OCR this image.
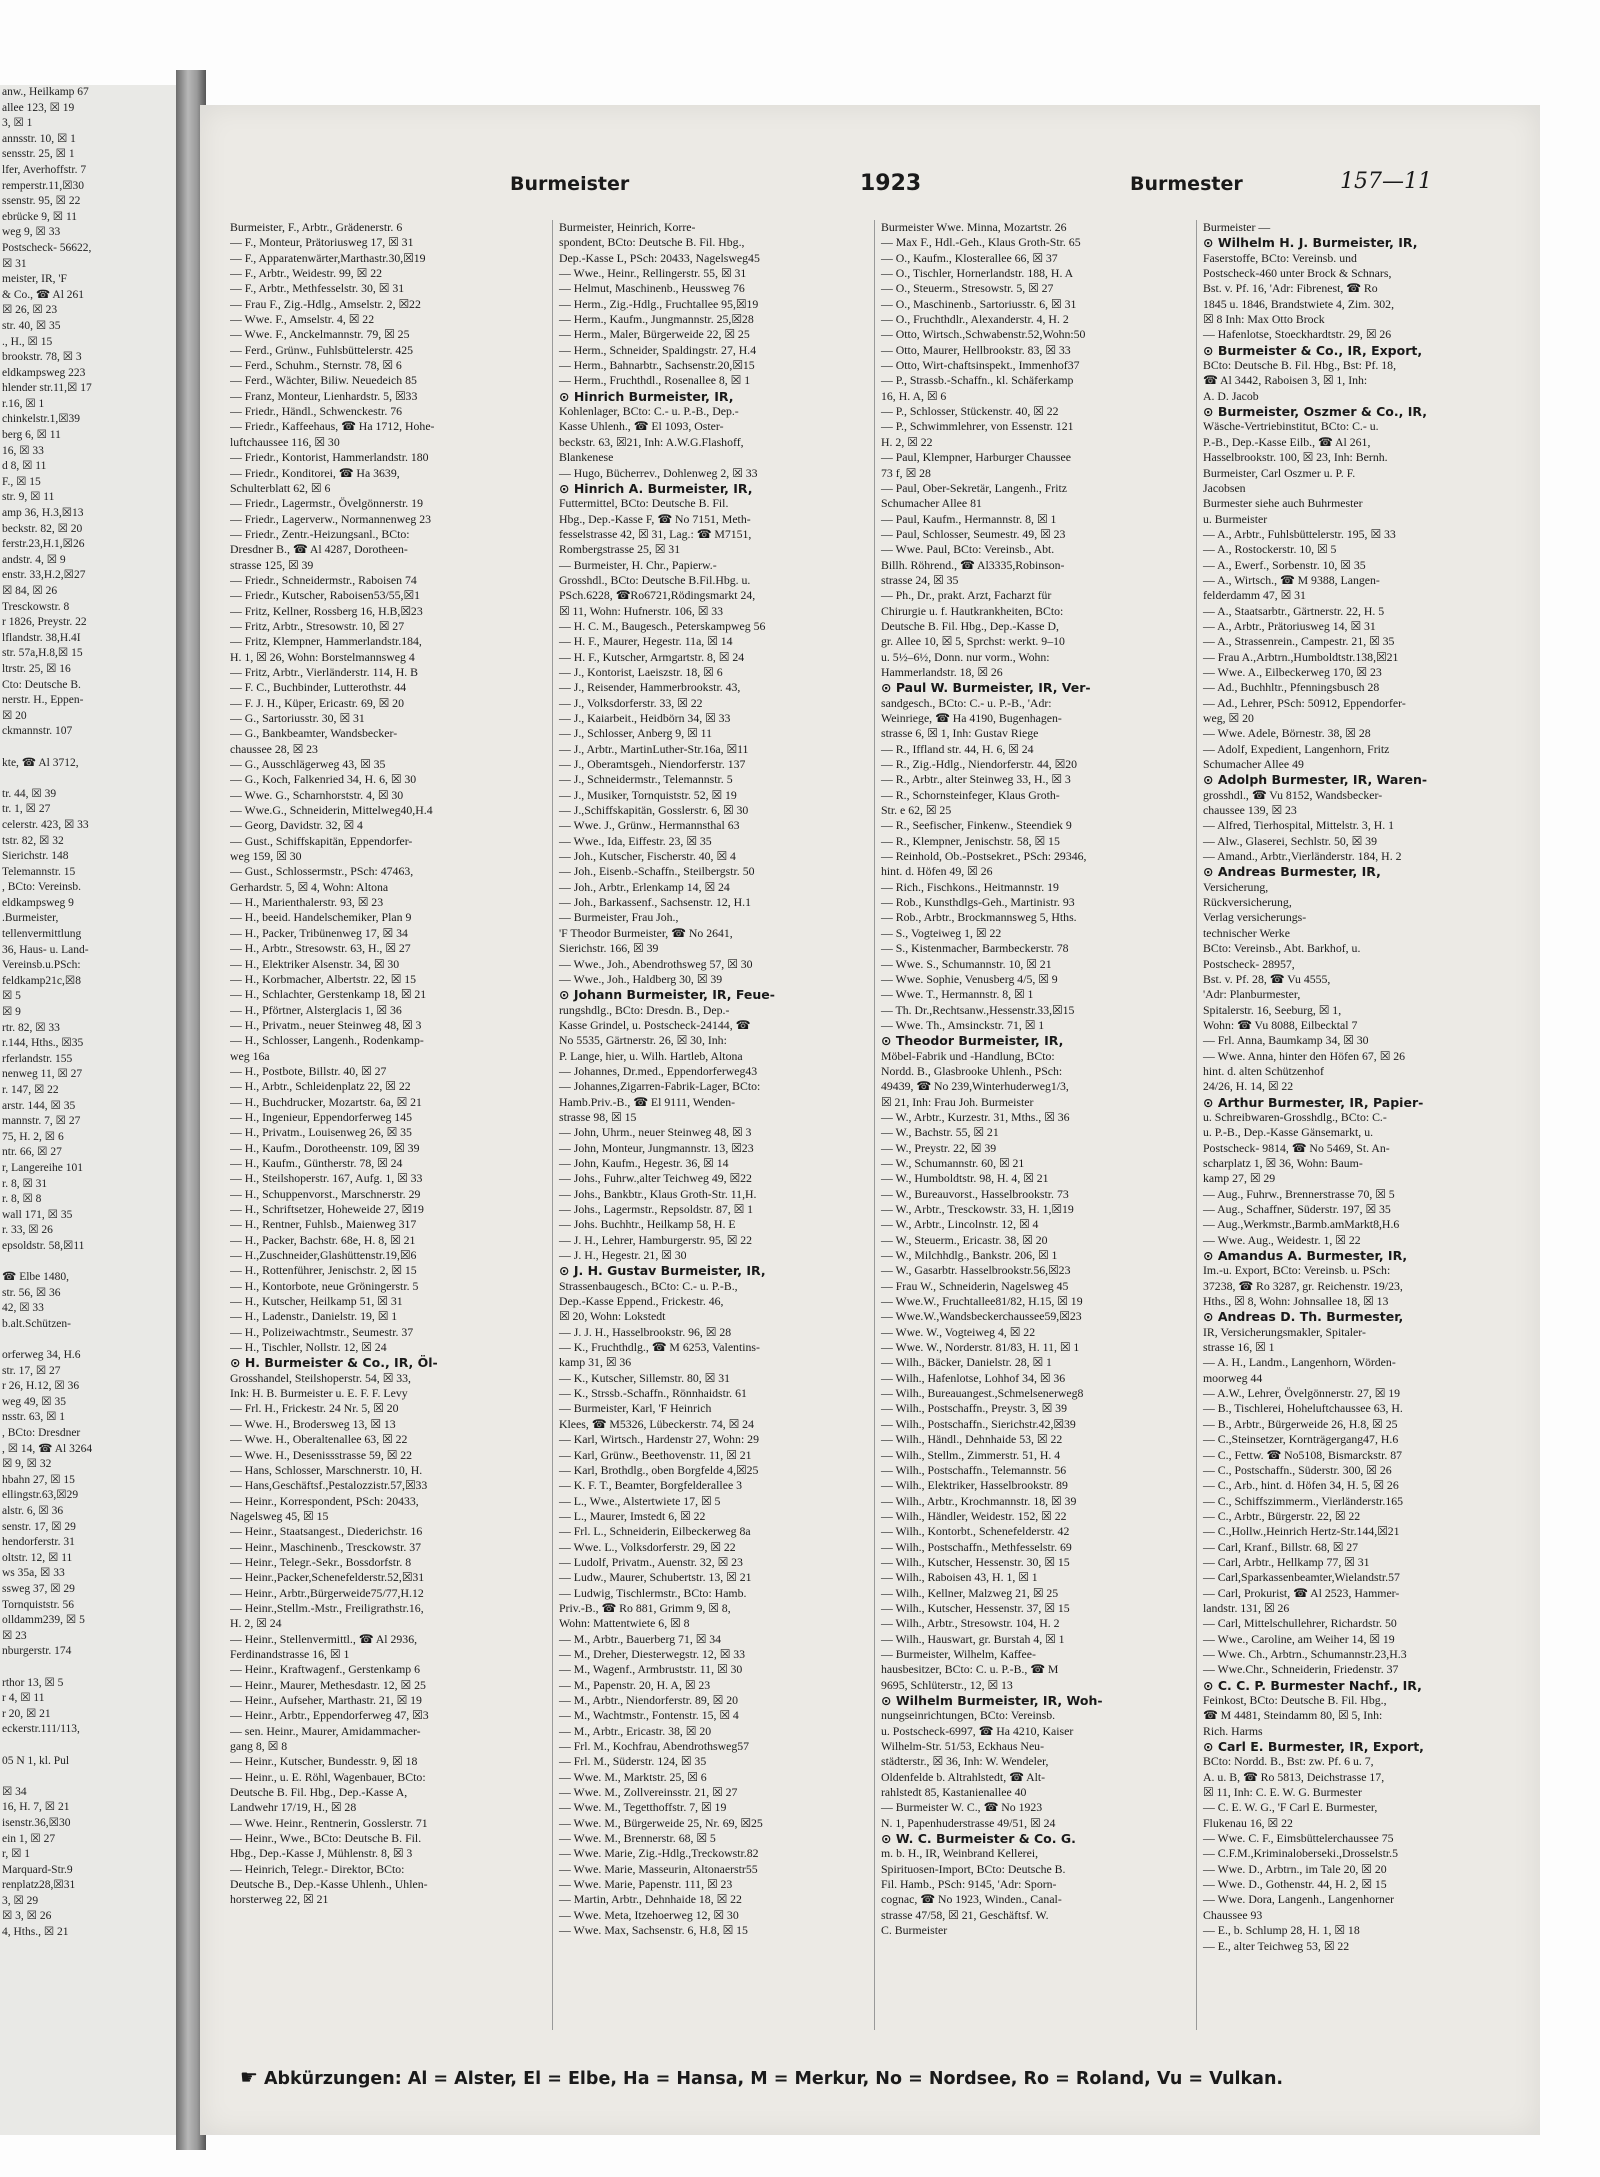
anw., Heilkamp 67
allee 123, ☒ 19
3, ☒ 1
annsstr. 10, ☒ 1
sensstr. 25, ☒ 1
lfer, Averhoffstr. 7
remperstr.11,☒30
ssenstr. 95, ☒ 22
ebrücke 9, ☒ 11
weg 9, ☒ 33
Postscheck- 56622,
☒ 31
meister, IR, 'F
& Co., ☎ Al 261
☒ 26, ☒ 23
str. 40, ☒ 35
., H., ☒ 15
brookstr. 78, ☒ 3
eldkampsweg 223
hlender str.11,☒ 17
r.16, ☒ 1
chinkelstr.1,☒39
berg 6, ☒ 11
16, ☒ 33
d 8, ☒ 11
F., ☒ 15
str. 9, ☒ 11
amp 36, H.3,☒13
beckstr. 82, ☒ 20
ferstr.23,H.1,☒26
andstr. 4, ☒ 9
enstr. 33,H.2,☒27
☒ 84, ☒ 26
Tresckowstr. 8
r 1826, Preystr. 22
lflandstr. 38,H.4I
str. 57a,H.8,☒ 15
ltrstr. 25, ☒ 16
Cto: Deutsche B.
nerstr. H., Eppen-
☒ 20
ckmannstr. 107

kte, ☎ Al 3712,

tr. 44, ☒ 39
tr. 1, ☒ 27
celerstr. 423, ☒ 33
tstr. 82, ☒ 32
Sierichstr. 148
Telemannstr. 15
, BCto: Vereinsb.
eldkampsweg 9
.Burmeister,
tellenvermittlung
36, Haus- u. Land-
Vereinsb.u.PSch:
feldkamp21c,☒8
☒ 5
☒ 9
rtr. 82, ☒ 33
r.144, Hths., ☒35
rferlandstr. 155
nenweg 11, ☒ 27
r. 147, ☒ 22
arstr. 144, ☒ 35
mannstr. 7, ☒ 27
75, H. 2, ☒ 6
ntr. 66, ☒ 27
r, Langereihe 101
r. 8, ☒ 31
r. 8, ☒ 8
wall 171, ☒ 35
r. 33, ☒ 26
epsoldstr. 58,☒11

☎ Elbe 1480,
str. 56, ☒ 36
42, ☒ 33
b.alt.Schützen-

orferweg 34, H.6
str. 17, ☒ 27
r 26, H.12, ☒ 36
weg 49, ☒ 35
nsstr. 63, ☒ 1
, BCto: Dresdner
, ☒ 14, ☎ Al 3264
☒ 9, ☒ 32
hbahn 27, ☒ 15
ellingstr.63,☒29
alstr. 6, ☒ 36
senstr. 17, ☒ 29
hendorferstr. 31
oltstr. 12, ☒ 11
ws 35a, ☒ 33
ssweg 37, ☒ 29
Tornquiststr. 56
olldamm239, ☒ 5
☒ 23
nburgerstr. 174

rthor 13, ☒ 5
r 4, ☒ 11
r 20, ☒ 21
eckerstr.111/113,

05 N 1, kl. Pul

☒ 34
16, H. 7, ☒ 21
isenstr.36,☒30
ein 1, ☒ 27
r, ☒ 1
Marquard-Str.9
renplatz28,☒31
3, ☒ 29
☒ 3, ☒ 26
4, Hths., ☒ 21
Burmeister	1923	Burmester	157—11
Burmeister, F., Arbtr., Grädenerstr. 6
— F., Monteur, Prätoriusweg 17, ☒ 31
— F., Apparatenwärter,Marthastr.30,☒19
— F., Arbtr., Weidestr. 99, ☒ 22
— F., Arbtr., Methfesselstr. 30, ☒ 31
— Frau F., Zig.-Hdlg., Amselstr. 2, ☒22
— Wwe. F., Amselstr. 4, ☒ 22
— Wwe. F., Anckelmannstr. 79, ☒ 25
— Ferd., Grünw., Fuhlsbüttelerstr. 425
— Ferd., Schuhm., Sternstr. 78, ☒ 6
— Ferd., Wächter, Biliw. Neuedeich 85
— Franz, Monteur, Lienhardstr. 5, ☒33
— Friedr., Händl., Schwenckestr. 76
— Friedr., Kaffeehaus, ☎ Ha 1712, Hohe-
luftchaussee 116, ☒ 30
— Friedr., Kontorist, Hammerlandstr. 180
— Friedr., Konditorei, ☎ Ha 3639,
Schulterblatt 62, ☒ 6
— Friedr., Lagermstr., Övelgönnerstr. 19
— Friedr., Lagerverw., Normannenweg 23
— Friedr., Zentr.-Heizungsanl., BCto:
Dresdner B., ☎ Al 4287, Dorotheen-
strasse 125, ☒ 39
— Friedr., Schneidermstr., Raboisen 74
— Friedr., Kutscher, Raboisen53/55,☒1
— Fritz, Kellner, Rossberg 16, H.B,☒23
— Fritz, Arbtr., Stresowstr. 10, ☒ 27
— Fritz, Klempner, Hammerlandstr.184,
H. 1, ☒ 26, Wohn: Borstelmannsweg 4
— Fritz, Arbtr., Vierländerstr. 114, H. B
— F. C., Buchbinder, Lutterothstr. 44
— F. J. H., Küper, Ericastr. 69, ☒ 20
— G., Sartoriusstr. 30, ☒ 31
— G., Bankbeamter, Wandsbecker-
chaussee 28, ☒ 23
— G., Ausschlägerweg 43, ☒ 35
— G., Koch, Falkenried 34, H. 6, ☒ 30
— Wwe. G., Scharnhorststr. 4, ☒ 30
— Wwe.G., Schneiderin, Mittelweg40,H.4
— Georg, Davidstr. 32, ☒ 4
— Gust., Schiffskapitän, Eppendorfer-
weg 159, ☒ 30
— Gust., Schlossermstr., PSch: 47463,
Gerhardstr. 5, ☒ 4, Wohn: Altona
— H., Marienthalerstr. 93, ☒ 23
— H., beeid. Handelschemiker, Plan 9
— H., Packer, Tribünenweg 17, ☒ 34
— H., Arbtr., Stresowstr. 63, H., ☒ 27
— H., Elektriker Alsenstr. 34, ☒ 30
— H., Korbmacher, Albertstr. 22, ☒ 15
— H., Schlachter, Gerstenkamp 18, ☒ 21
— H., Pförtner, Alsterglacis 1, ☒ 36
— H., Privatm., neuer Steinweg 48, ☒ 3
— H., Schlosser, Langenh., Rodenkamp-
weg 16a
— H., Postbote, Billstr. 40, ☒ 27
— H., Arbtr., Schleidenplatz 22, ☒ 22
— H., Buchdrucker, Mozartstr. 6a, ☒ 21
— H., Ingenieur, Eppendorferweg 145
— H., Privatm., Louisenweg 26, ☒ 35
— H., Kaufm., Dorotheenstr. 109, ☒ 39
— H., Kaufm., Güntherstr. 78, ☒ 24
— H., Steilshoperstr. 167, Aufg. 1, ☒ 33
— H., Schuppenvorst., Marschnerstr. 29
— H., Schriftsetzer, Hoheweide 27, ☒19
— H., Rentner, Fuhlsb., Maienweg 317
— H., Packer, Bachstr. 68e, H. 8, ☒ 21
— H.,Zuschneider,Glashüttenstr.19,☒6
— H., Rottenführer, Jenischstr. 2, ☒ 15
— H., Kontorbote, neue Gröningerstr. 5
— H., Kutscher, Heilkamp 51, ☒ 31
— H., Ladenstr., Danielstr. 19, ☒ 1
— H., Polizeiwachtmstr., Seumestr. 37
— H., Tischler, Nollstr. 12, ☒ 24
⊙ H. Burmeister & Co., IR, Öl-
Grosshandel, Steilshoperstr. 54, ☒ 33,
Ink: H. B. Burmeister u. E. F. F. Levy
— Frl. H., Frickestr. 24 Nr. 5, ☒ 20
— Wwe. H., Brodersweg 13, ☒ 13
— Wwe. H., Oberaltenallee 63, ☒ 22
— Wwe. H., Desenissstrasse 59, ☒ 22
— Hans, Schlosser, Marschnerstr. 10, H.
— Hans,Geschäftsf.,Pestalozzistr.57,☒33
— Heinr., Korrespondent, PSch: 20433,
Nagelsweg 45, ☒ 15
— Heinr., Staatsangest., Diederichstr. 16
— Heinr., Maschinenb., Tresckowstr. 37
— Heinr., Telegr.-Sekr., Bossdorfstr. 8
— Heinr.,Packer,Schenefelderstr.52,☒31
— Heinr., Arbtr.,Bürgerweide75/77,H.12
— Heinr.,Stellm.-Mstr., Freiligrathstr.16,
H. 2, ☒ 24
— Heinr., Stellenvermittl., ☎ Al 2936,
Ferdinandstrasse 16, ☒ 1
— Heinr., Kraftwagenf., Gerstenkamp 6
— Heinr., Maurer, Methesdastr. 12, ☒ 25
— Heinr., Aufseher, Marthastr. 21, ☒ 19
— Heinr., Arbtr., Eppendorferweg 47, ☒3
— sen. Heinr., Maurer, Amidammacher-
gang 8, ☒ 8
— Heinr., Kutscher, Bundesstr. 9, ☒ 18
— Heinr., u. E. Röhl, Wagenbauer, BCto:
Deutsche B. Fil. Hbg., Dep.-Kasse A,
Landwehr 17/19, H., ☒ 28
— Wwe. Heinr., Rentnerin, Gosslerstr. 71
— Heinr., Wwe., BCto: Deutsche B. Fil.
Hbg., Dep.-Kasse J, Mühlenstr. 8, ☒ 3
— Heinrich, Telegr.- Direktor, BCto:
Deutsche B., Dep.-Kasse Uhlenh., Uhlen-
horsterweg 22, ☒ 21
Burmeister, Heinrich, Korre-
spondent, BCto: Deutsche B. Fil. Hbg.,
Dep.-Kasse L, PSch: 20433, Nagelsweg45
— Wwe., Heinr., Rellingerstr. 55, ☒ 31
— Helmut, Maschinenb., Heussweg 76
— Herm., Zig.-Hdlg., Fruchtallee 95,☒19
— Herm., Kaufm., Jungmannstr. 25,☒28
— Herm., Maler, Bürgerweide 22, ☒ 25
— Herm., Schneider, Spaldingstr. 27, H.4
— Herm., Bahnarbtr., Sachsenstr.20,☒15
— Herm., Fruchthdl., Rosenallee 8, ☒ 1
⊙ Hinrich Burmeister, IR,
Kohlenlager, BCto: C.- u. P.-B., Dep.-
Kasse Uhlenh., ☎ El 1093, Oster-
beckstr. 63, ☒21, Inh: A.W.G.Flashoff,
Blankenese
— Hugo, Bücherrev., Dohlenweg 2, ☒ 33
⊙ Hinrich A. Burmeister, IR,
Futtermittel, BCto: Deutsche B. Fil.
Hbg., Dep.-Kasse F, ☎ No 7151, Meth-
fesselstrasse 42, ☒ 31, Lag.: ☎ M7151,
Rombergstrasse 25, ☒ 31
— Burmeister, H. Chr., Papierw.-
Grosshdl., BCto: Deutsche B.Fil.Hbg. u.
PSch.6228, ☎Ro6721,Rödingsmarkt 24,
☒ 11, Wohn: Hufnerstr. 106, ☒ 33
— H. C. M., Baugesch., Peterskampweg 56
— H. F., Maurer, Hegestr. 11a, ☒ 14
— H. F., Kutscher, Armgartstr. 8, ☒ 24
— J., Kontorist, Laeiszstr. 18, ☒ 6
— J., Reisender, Hammerbrookstr. 43,
— J., Volksdorferstr. 33, ☒ 22
— J., Kaiarbeit., Heidbörn 34, ☒ 33
— J., Schlosser, Anberg 9, ☒ 11
— J., Arbtr., MartinLuther-Str.16a, ☒11
— J., Oberamtsgeh., Niendorferstr. 137
— J., Schneidermstr., Telemannstr. 5
— J., Musiker, Tornquiststr. 52, ☒ 19
— J.,Schiffskapitän, Gosslerstr. 6, ☒ 30
— Wwe. J., Grünw., Hermannsthal 63
— Wwe., Ida, Eiffestr. 23, ☒ 35
— Joh., Kutscher, Fischerstr. 40, ☒ 4
— Joh., Eisenb.-Schaffn., Steilbergstr. 50
— Joh., Arbtr., Erlenkamp 14, ☒ 24
— Joh., Barkassenf., Sachsenstr. 12, H.1
— Burmeister, Frau Joh.,
'F Theodor Burmeister, ☎ No 2641,
Sierichstr. 166, ☒ 39
— Wwe., Joh., Abendrothsweg 57, ☒ 30
— Wwe., Joh., Haldberg 30, ☒ 39
⊙ Johann Burmeister, IR, Feue-
rungshdlg., BCto: Dresdn. B., Dep.-
Kasse Grindel, u. Postscheck-24144, ☎
No 5535, Gärtnerstr. 26, ☒ 30, Inh:
P. Lange, hier, u. Wilh. Hartleb, Altona
— Johannes, Dr.med., Eppendorferweg43
— Johannes,Zigarren-Fabrik-Lager, BCto:
Hamb.Priv.-B., ☎ El 9111, Wenden-
strasse 98, ☒ 15
— John, Uhrm., neuer Steinweg 48, ☒ 3
— John, Monteur, Jungmannstr. 13, ☒23
— John, Kaufm., Hegestr. 36, ☒ 14
— Johs., Fuhrw.,alter Teichweg 49, ☒22
— Johs., Bankbtr., Klaus Groth-Str. 11,H.
— Johs., Lagermstr., Repsoldstr. 87, ☒ 1
— Johs. Buchhtr., Heilkamp 58, H. E
— J. H., Lehrer, Hamburgerstr. 95, ☒ 22
— J. H., Hegestr. 21, ☒ 30
⊙ J. H. Gustav Burmeister, IR,
Strassenbaugesch., BCto: C.- u. P.-B.,
Dep.-Kasse Eppend., Frickestr. 46,
☒ 20, Wohn: Lokstedt
— J. J. H., Hasselbrookstr. 96, ☒ 28
— K., Fruchthdlg., ☎ M 6253, Valentins-
kamp 31, ☒ 36
— K., Kutscher, Sillemstr. 80, ☒ 31
— K., Strssb.-Schaffn., Rönnhaidstr. 61
— Burmeister, Karl, 'F Heinrich
Klees, ☎ M5326, Lübeckerstr. 74, ☒ 24
— Karl, Wirtsch., Hardenstr 27, Wohn: 29
— Karl, Grünw., Beethovenstr. 11, ☒ 21
— Karl, Brothdlg., oben Borgfelde 4,☒25
— K. F. T., Beamter, Borgfelderallee 3
— L., Wwe., Alstertwiete 17, ☒ 5
— L., Maurer, Imstedt 6, ☒ 22
— Frl. L., Schneiderin, Eilbeckerweg 8a
— Wwe. L., Volksdorferstr. 29, ☒ 22
— Ludolf, Privatm., Auenstr. 32, ☒ 23
— Ludw., Maurer, Schubertstr. 13, ☒ 21
— Ludwig, Tischlermstr., BCto: Hamb.
Priv.-B., ☎ Ro 881, Grimm 9, ☒ 8,
Wohn: Mattentwiete 6, ☒ 8
— M., Arbtr., Bauerberg 71, ☒ 34
— M., Dreher, Diesterwegstr. 12, ☒ 33
— M., Wagenf., Armbruststr. 11, ☒ 30
— M., Papenstr. 20, H. A, ☒ 23
— M., Arbtr., Niendorferstr. 89, ☒ 20
— M., Wachtmstr., Fontenstr. 15, ☒ 4
— M., Arbtr., Ericastr. 38, ☒ 20
— Frl. M., Kochfrau, Abendrothsweg57
— Frl. M., Süderstr. 124, ☒ 35
— Wwe. M., Marktstr. 25, ☒ 6
— Wwe. M., Zollvereinsstr. 21, ☒ 27
— Wwe. M., Tegetthoffstr. 7, ☒ 19
— Wwe. M., Bürgerweide 25, Nr. 69, ☒25
— Wwe. M., Brennerstr. 68, ☒ 5
— Wwe. Marie, Zig.-Hdlg.,Treckowstr.82
— Wwe. Marie, Masseurin, Altonaerstr55
— Wwe. Marie, Papenstr. 111, ☒ 23
— Martin, Arbtr., Dehnhaide 18, ☒ 22
— Wwe. Meta, Itzehoerweg 12, ☒ 30
— Wwe. Max, Sachsenstr. 6, H.8, ☒ 15
Burmeister Wwe. Minna, Mozartstr. 26
— Max F., Hdl.-Geh., Klaus Groth-Str. 65
— O., Kaufm., Klosterallee 66, ☒ 37
— O., Tischler, Hornerlandstr. 188, H. A
— O., Steuerm., Stresowstr. 5, ☒ 27
— O., Maschinenb., Sartoriusstr. 6, ☒ 31
— O., Fruchthdlr., Alexanderstr. 4, H. 2
— Otto, Wirtsch.,Schwabenstr.52,Wohn:50
— Otto, Maurer, Hellbrookstr. 83, ☒ 33
— Otto, Wirt-chaftsinspekt., Immenhof37
— P., Strassb.-Schaffn., kl. Schäferkamp
16, H. A, ☒ 6
— P., Schlosser, Stückenstr. 40, ☒ 22
— P., Schwimmlehrer, von Essenstr. 121
H. 2, ☒ 22
— Paul, Klempner, Harburger Chaussee
73 f, ☒ 28
— Paul, Ober-Sekretär, Langenh., Fritz
Schumacher Allee 81
— Paul, Kaufm., Hermannstr. 8, ☒ 1
— Paul, Schlosser, Seumestr. 49, ☒ 23
— Wwe. Paul, BCto: Vereinsb., Abt.
Billh. Röhrend., ☎ Al3335,Robinson-
strasse 24, ☒ 35
— Ph., Dr., prakt. Arzt, Facharzt für
Chirurgie u. f. Hautkrankheiten, BCto:
Deutsche B. Fil. Hbg., Dep.-Kasse D,
gr. Allee 10, ☒ 5, Sprchst: werkt. 9–10
u. 5½–6½, Donn. nur vorm., Wohn:
Hammerlandstr. 18, ☒ 26
⊙ Paul W. Burmeister, IR, Ver-
sandgesch., BCto: C.- u. P.-B., 'Adr:
Weinriege, ☎ Ha 4190, Bugenhagen-
strasse 6, ☒ 1, Inh: Gustav Riege
— R., Iffland str. 44, H. 6, ☒ 24
— R., Zig.-Hdlg., Niendorferstr. 44, ☒20
— R., Arbtr., alter Steinweg 33, H., ☒ 3
— R., Schornsteinfeger, Klaus Groth-
Str. e 62, ☒ 25
— R., Seefischer, Finkenw., Steendiek 9
— R., Klempner, Jenischstr. 58, ☒ 15
— Reinhold, Ob.-Postsekret., PSch: 29346,
hint. d. Höfen 49, ☒ 26
— Rich., Fischkons., Heitmannstr. 19
— Rob., Kunsthdlgs-Geh., Martinistr. 93
— Rob., Arbtr., Brockmannsweg 5, Hths.
— S., Vogteiweg 1, ☒ 22
— S., Kistenmacher, Barmbeckerstr. 78
— Wwe. S., Schumannstr. 10, ☒ 21
— Wwe. Sophie, Venusberg 4/5, ☒ 9
— Wwe. T., Hermannstr. 8, ☒ 1
— Th. Dr.,Rechtsanw.,Hessenstr.33,☒15
— Wwe. Th., Amsinckstr. 71, ☒ 1
⊙ Theodor Burmeister, IR,
Möbel-Fabrik und -Handlung, BCto:
Nordd. B., Glasbrooke Uhlenh., PSch:
49439, ☎ No 239,Winterhuderweg1/3,
☒ 21, Inh: Frau Joh. Burmeister
— W., Arbtr., Kurzestr. 31, Mths., ☒ 36
— W., Bachstr. 55, ☒ 21
— W., Preystr. 22, ☒ 39
— W., Schumannstr. 60, ☒ 21
— W., Humboldtstr. 98, H. 4, ☒ 21
— W., Bureauvorst., Hasselbrookstr. 73
— W., Arbtr., Tresckowstr. 33, H. 1,☒19
— W., Arbtr., Lincolnstr. 12, ☒ 4
— W., Steuerm., Ericastr. 38, ☒ 20
— W., Milchhdlg., Bankstr. 206, ☒ 1
— W., Gasarbtr. Hasselbrookstr.56,☒23
— Frau W., Schneiderin, Nagelsweg 45
— Wwe.W., Fruchtallee81/82, H.15, ☒ 19
— Wwe.W.,Wandsbeckerchaussee59,☒23
— Wwe. W., Vogteiweg 4, ☒ 22
— Wwe. W., Norderstr. 81/83, H. 11, ☒ 1
— Wilh., Bäcker, Danielstr. 28, ☒ 1
— Wilh., Hafenlotse, Lohhof 34, ☒ 36
— Wilh., Bureauangest.,Schmelsenerweg8
— Wilh., Postschaffn., Preystr. 3, ☒ 39
— Wilh., Postschaffn., Sierichstr.42,☒39
— Wilh., Händl., Dehnhaide 53, ☒ 22
— Wilh., Stellm., Zimmerstr. 51, H. 4
— Wilh., Postschaffn., Telemannstr. 56
— Wilh., Elektriker, Hasselbrookstr. 89
— Wilh., Arbtr., Krochmannstr. 18, ☒ 39
— Wilh., Händler, Weidestr. 152, ☒ 22
— Wilh., Kontorbt., Schenefelderstr. 42
— Wilh., Postschaffn., Methfesselstr. 69
— Wilh., Kutscher, Hessenstr. 30, ☒ 15
— Wilh., Raboisen 43, H. 1, ☒ 1
— Wilh., Kellner, Malzweg 21, ☒ 25
— Wilh., Kutscher, Hessenstr. 37, ☒ 15
— Wilh., Arbtr., Stresowstr. 104, H. 2
— Wilh., Hauswart, gr. Burstah 4, ☒ 1
— Burmeister, Wilhelm, Kaffee-
hausbesitzer, BCto: C. u. P.-B., ☎ M
9695, Schlüterstr., 12, ☒ 13
⊙ Wilhelm Burmeister, IR, Woh-
nungseinrichtungen, BCto: Vereinsb.
u. Postscheck-6997, ☎ Ha 4210, Kaiser
Wilhelm-Str. 51/53, Eckhaus Neu-
städterstr., ☒ 36, Inh: W. Wendeler,
Oldenfelde b. Altrahlstedt, ☎ Alt-
rahlstedt 85, Kastanienallee 40
— Burmeister W. C., ☎ No 1923
N. 1, Papenhuderstrasse 49/51, ☒ 24
⊙ W. C. Burmeister & Co. G.
m. b. H., IR, Weinbrand Kellerei,
Spirituosen-Import, BCto: Deutsche B.
Fil. Hamb., PSch: 9145, 'Adr: Sporn-
cognac, ☎ No 1923, Winden., Canal-
strasse 47/58, ☒ 21, Geschäftsf. W.
C. Burmeister
Burmeister —
⊙ Wilhelm H. J. Burmeister, IR,
Faserstoffe, BCto: Vereinsb. und
Postscheck-460 unter Brock & Schnars,
Bst. v. Pf. 16, 'Adr: Fibrenest, ☎ Ro
1845 u. 1846, Brandstwiete 4, Zim. 302,
☒ 8 Inh: Max Otto Brock
— Hafenlotse, Stoeckhardtstr. 29, ☒ 26
⊙ Burmeister & Co., IR, Export,
BCto: Deutsche B. Fil. Hbg., Bst: Pf. 18,
☎ Al 3442, Raboisen 3, ☒ 1, Inh:
A. D. Jacob
⊙ Burmeister, Oszmer & Co., IR,
Wäsche-Vertriebinstitut, BCto: C.- u.
P.-B., Dep.-Kasse Eilb., ☎ Al 261,
Hasselbrookstr. 100, ☒ 23, Inh: Bernh.
Burmeister, Carl Oszmer u. P. F.
Jacobsen
Burmester siehe auch Buhrmester
u. Burmeister
— A., Arbtr., Fuhlsbüttelerstr. 195, ☒ 33
— A., Rostockerstr. 10, ☒ 5
— A., Ewerf., Sorbenstr. 10, ☒ 35
— A., Wirtsch., ☎ M 9388, Langen-
felderdamm 47, ☒ 31
— A., Staatsarbtr., Gärtnerstr. 22, H. 5
— A., Arbtr., Prätoriusweg 14, ☒ 31
— A., Strassenrein., Campestr. 21, ☒ 35
— Frau A.,Arbtrn.,Humboldtstr.138,☒21
— Wwe. A., Eilbeckerweg 170, ☒ 23
— Ad., Buchhltr., Pfenningsbusch 28
— Ad., Lehrer, PSch: 50912, Eppendorfer-
weg, ☒ 20
— Wwe. Adele, Börnestr. 38, ☒ 28
— Adolf, Expedient, Langenhorn, Fritz
Schumacher Allee 49
⊙ Adolph Burmester, IR, Waren-
grosshdl., ☎ Vu 8152, Wandsbecker-
chaussee 139, ☒ 23
— Alfred, Tierhospital, Mittelstr. 3, H. 1
— Alw., Glaserei, Sechlstr. 50, ☒ 39
— Amand., Arbtr.,Vierländerstr. 184, H. 2
⊙ Andreas Burmester, IR,
Versicherung,
Rückversicherung,
Verlag versicherungs-
technischer Werke
BCto: Vereinsb., Abt. Barkhof, u.
Postscheck- 28957,
Bst. v. Pf. 28, ☎ Vu 4555,
'Adr: Planburmester,
Spitalerstr. 16, Seeburg, ☒ 1,
Wohn: ☎ Vu 8088, Eilbecktal 7
— Frl. Anna, Baumkamp 34, ☒ 30
— Wwe. Anna, hinter den Höfen 67, ☒ 26
hint. d. alten Schützenhof
24/26, H. 14, ☒ 22
⊙ Arthur Burmester, IR, Papier-
u. Schreibwaren-Grosshdlg., BCto: C.-
u. P.-B., Dep.-Kasse Gänsemarkt, u.
Postscheck- 9814, ☎ No 5469, St. An-
scharplatz 1, ☒ 36, Wohn: Baum-
kamp 27, ☒ 29
— Aug., Fuhrw., Brennerstrasse 70, ☒ 5
— Aug., Schaffner, Süderstr. 197, ☒ 35
— Aug.,Werkmstr.,Barmb.amMarkt8,H.6
— Wwe. Aug., Weidestr. 1, ☒ 22
⊙ Amandus A. Burmester, IR,
Im.-u. Export, BCto: Vereinsb. u. PSch:
37238, ☎ Ro 3287, gr. Reichenstr. 19/23,
Hths., ☒ 8, Wohn: Johnsallee 18, ☒ 13
⊙ Andreas D. Th. Burmester,
IR, Versicherungsmakler, Spitaler-
strasse 16, ☒ 1
— A. H., Landm., Langenhorn, Wörden-
moorweg 44
— A.W., Lehrer, Övelgönnerstr. 27, ☒ 19
— B., Tischlerei, Hoheluftchaussee 63, H.
— B., Arbtr., Bürgerweide 26, H.8, ☒ 25
— C.,Steinsetzer, Kornträgergang47, H.6
— C., Fettw. ☎ No5108, Bismarckstr. 87
— C., Postschaffn., Süderstr. 300, ☒ 26
— C., Arb., hint. d. Höfen 34, H. 5, ☒ 26
— C., Schiffszimmerm., Vierländerstr.165
— C., Arbtr., Bürgerstr. 22, ☒ 22
— C.,Hollw.,Heinrich Hertz-Str.144,☒21
— Carl, Kranf., Billstr. 68, ☒ 27
— Carl, Arbtr., Hellkamp 77, ☒ 31
— Carl,Sparkassenbeamter,Wielandstr.57
— Carl, Prokurist, ☎ Al 2523, Hammer-
landstr. 131, ☒ 26
— Carl, Mittelschullehrer, Richardstr. 50
— Wwe., Caroline, am Weiher 14, ☒ 19
— Wwe. Ch., Arbtrn., Schumannstr.23,H.3
— Wwe.Chr., Schneiderin, Friedenstr. 37
⊙ C. C. P. Burmester Nachf., IR,
Feinkost, BCto: Deutsche B. Fil. Hbg.,
☎ M 4481, Steindamm 80, ☒ 5, Inh:
Rich. Harms
⊙ Carl E. Burmester, IR, Export,
BCto: Nordd. B., Bst: zw. Pf. 6 u. 7,
A. u. B, ☎ Ro 5813, Deichstrasse 17,
☒ 11, Inh: C. E. W. G. Burmester
— C. E. W. G., 'F Carl E. Burmester,
Flukenau 16, ☒ 22
— Wwe. C. F., Eimsbüttelerchaussee 75
— C.F.M.,Kriminaloberseki.,Drosselstr.5
— Wwe. D., Arbtrn., im Tale 20, ☒ 20
— Wwe. D., Gothenstr. 44, H. 2, ☒ 15
— Wwe. Dora, Langenh., Langenhorner
Chaussee 93
— E., b. Schlump 28, H. 1, ☒ 18
— E., alter Teichweg 53, ☒ 22
☛ Abkürzungen: Al = Alster, El = Elbe, Ha = Hansa, M = Merkur, No = Nordsee, Ro = Roland, Vu = Vulkan.
